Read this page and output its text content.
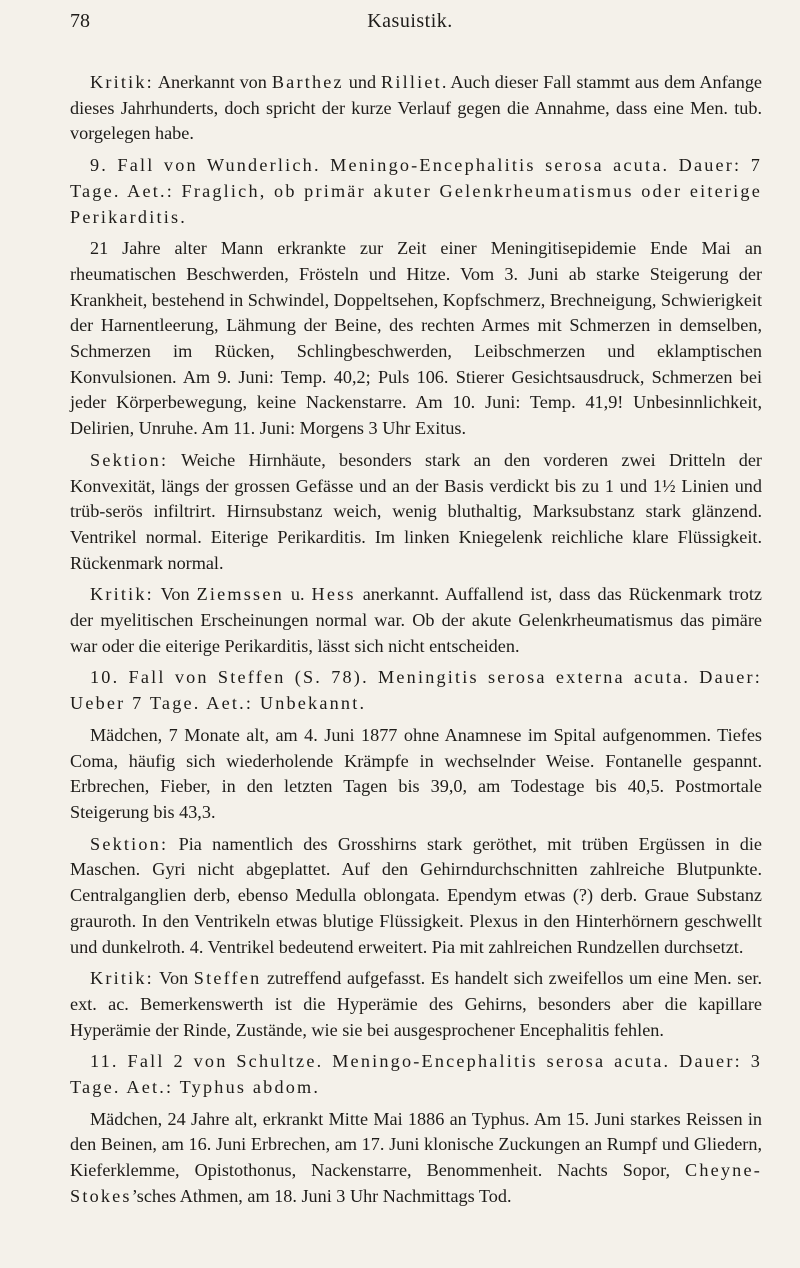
78	Kasuistik.

Kritik: Anerkannt von Barthez und Rilliet. Auch dieser Fall stammt aus dem Anfange dieses Jahrhunderts, doch spricht der kurze Verlauf gegen die Annahme, dass eine Men. tub. vorgelegen habe.

9. Fall von Wunderlich. Meningo-Encephalitis serosa acuta. Dauer: 7 Tage. Aet.: Fraglich, ob primär akuter Gelenkrheumatismus oder eiterige Perikarditis.

21 Jahre alter Mann erkrankte zur Zeit einer Meningitisepidemie Ende Mai an rheumatischen Beschwerden, Frösteln und Hitze. Vom 3. Juni ab starke Steigerung der Krankheit, bestehend in Schwindel, Doppeltsehen, Kopfschmerz, Brechneigung, Schwierigkeit der Harnentleerung, Lähmung der Beine, des rechten Armes mit Schmerzen in demselben, Schmerzen im Rücken, Schlingbeschwerden, Leibschmerzen und eklamptischen Konvulsionen. Am 9. Juni: Temp. 40,2; Puls 106. Stierer Gesichtsausdruck, Schmerzen bei jeder Körperbewegung, keine Nackenstarre. Am 10. Juni: Temp. 41,9! Unbesinnlichkeit, Delirien, Unruhe. Am 11. Juni: Morgens 3 Uhr Exitus.

Sektion: Weiche Hirnhäute, besonders stark an den vorderen zwei Dritteln der Konvexität, längs der grossen Gefässe und an der Basis verdickt bis zu 1 und 1½ Linien und trüb-serös infiltrirt. Hirnsubstanz weich, wenig bluthaltig, Marksubstanz stark glänzend. Ventrikel normal. Eiterige Perikarditis. Im linken Kniegelenk reichliche klare Flüssigkeit. Rückenmark normal.

Kritik: Von Ziemssen u. Hess anerkannt. Auffallend ist, dass das Rückenmark trotz der myelitischen Erscheinungen normal war. Ob der akute Gelenkrheumatismus das pimäre war oder die eiterige Perikarditis, lässt sich nicht entscheiden.

10. Fall von Steffen (S. 78). Meningitis serosa externa acuta. Dauer: Ueber 7 Tage. Aet.: Unbekannt.

Mädchen, 7 Monate alt, am 4. Juni 1877 ohne Anamnese im Spital aufgenommen. Tiefes Coma, häufig sich wiederholende Krämpfe in wechselnder Weise. Fontanelle gespannt. Erbrechen, Fieber, in den letzten Tagen bis 39,0, am Todestage bis 40,5. Postmortale Steigerung bis 43,3.

Sektion: Pia namentlich des Grosshirns stark geröthet, mit trüben Ergüssen in die Maschen. Gyri nicht abgeplattet. Auf den Gehirndurchschnitten zahlreiche Blutpunkte. Centralganglien derb, ebenso Medulla oblongata. Ependym etwas (?) derb. Graue Substanz grauroth. In den Ventrikeln etwas blutige Flüssigkeit. Plexus in den Hinterhörnern geschwellt und dunkelroth. 4. Ventrikel bedeutend erweitert. Pia mit zahlreichen Rundzellen durchsetzt.

Kritik: Von Steffen zutreffend aufgefasst. Es handelt sich zweifellos um eine Men. ser. ext. ac. Bemerkenswerth ist die Hyperämie des Gehirns, besonders aber die kapillare Hyperämie der Rinde, Zustände, wie sie bei ausgesprochener Encephalitis fehlen.

11. Fall 2 von Schultze. Meningo-Encephalitis serosa acuta. Dauer: 3 Tage. Aet.: Typhus abdom.

Mädchen, 24 Jahre alt, erkrankt Mitte Mai 1886 an Typhus. Am 15. Juni starkes Reissen in den Beinen, am 16. Juni Erbrechen, am 17. Juni klonische Zuckungen an Rumpf und Gliedern, Kieferklemme, Opistothonus, Nackenstarre, Benommenheit. Nachts Sopor, Cheyne-Stokes’sches Athmen, am 18. Juni 3 Uhr Nachmittags Tod.
